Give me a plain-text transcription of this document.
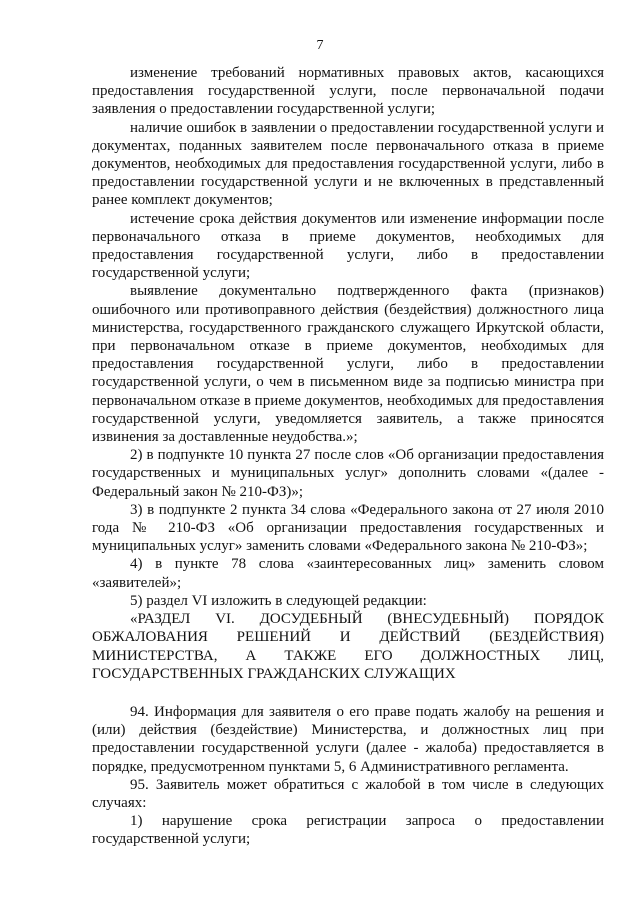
7

изменение требований нормативных правовых актов, касающихся предоставления государственной услуги, после первоначальной подачи заявления о предоставлении государственной услуги;

наличие ошибок в заявлении о предоставлении государственной услуги и документах, поданных заявителем после первоначального отказа в приеме документов, необходимых для предоставления государственной услуги, либо в предоставлении государственной услуги и не включенных в представленный ранее комплект документов;

истечение срока действия документов или изменение информации после первоначального отказа в приеме документов, необходимых для предоставления государственной услуги, либо в предоставлении государственной услуги;

выявление документально подтвержденного факта (признаков) ошибочного или противоправного действия (бездействия) должностного лица министерства, государственного гражданского служащего Иркутской области, при первоначальном отказе в приеме документов, необходимых для предоставления государственной услуги, либо в предоставлении государственной услуги, о чем в письменном виде за подписью министра при первоначальном отказе в приеме документов, необходимых для предоставления государственной услуги, уведомляется заявитель, а также приносятся извинения за доставленные неудобства.»;

2) в подпункте 10 пункта 27 после слов «Об организации предоставления государственных и муниципальных услуг» дополнить словами «(далее - Федеральный закон № 210-ФЗ)»;

3) в подпункте 2 пункта 34 слова «Федерального закона от 27 июля 2010 года № 210-ФЗ «Об организации предоставления государственных и муниципальных услуг» заменить словами «Федерального закона № 210-ФЗ»;

4) в пункте 78 слова «заинтересованных лиц» заменить словом «заявителей»;

5) раздел VI изложить в следующей редакции:

«РАЗДЕЛ VI. ДОСУДЕБНЫЙ (ВНЕСУДЕБНЫЙ) ПОРЯДОК ОБЖАЛОВАНИЯ РЕШЕНИЙ И ДЕЙСТВИЙ (БЕЗДЕЙСТВИЯ) МИНИСТЕРСТВА, А ТАКЖЕ ЕГО ДОЛЖНОСТНЫХ ЛИЦ, ГОСУДАРСТВЕННЫХ ГРАЖДАНСКИХ СЛУЖАЩИХ

94. Информация для заявителя о его праве подать жалобу на решения и (или) действия (бездействие) Министерства, и должностных лиц при предоставлении государственной услуги (далее - жалоба) предоставляется в порядке, предусмотренном пунктами 5, 6 Административного регламента.

95. Заявитель может обратиться с жалобой в том числе в следующих случаях:

1) нарушение срока регистрации запроса о предоставлении государственной услуги;
